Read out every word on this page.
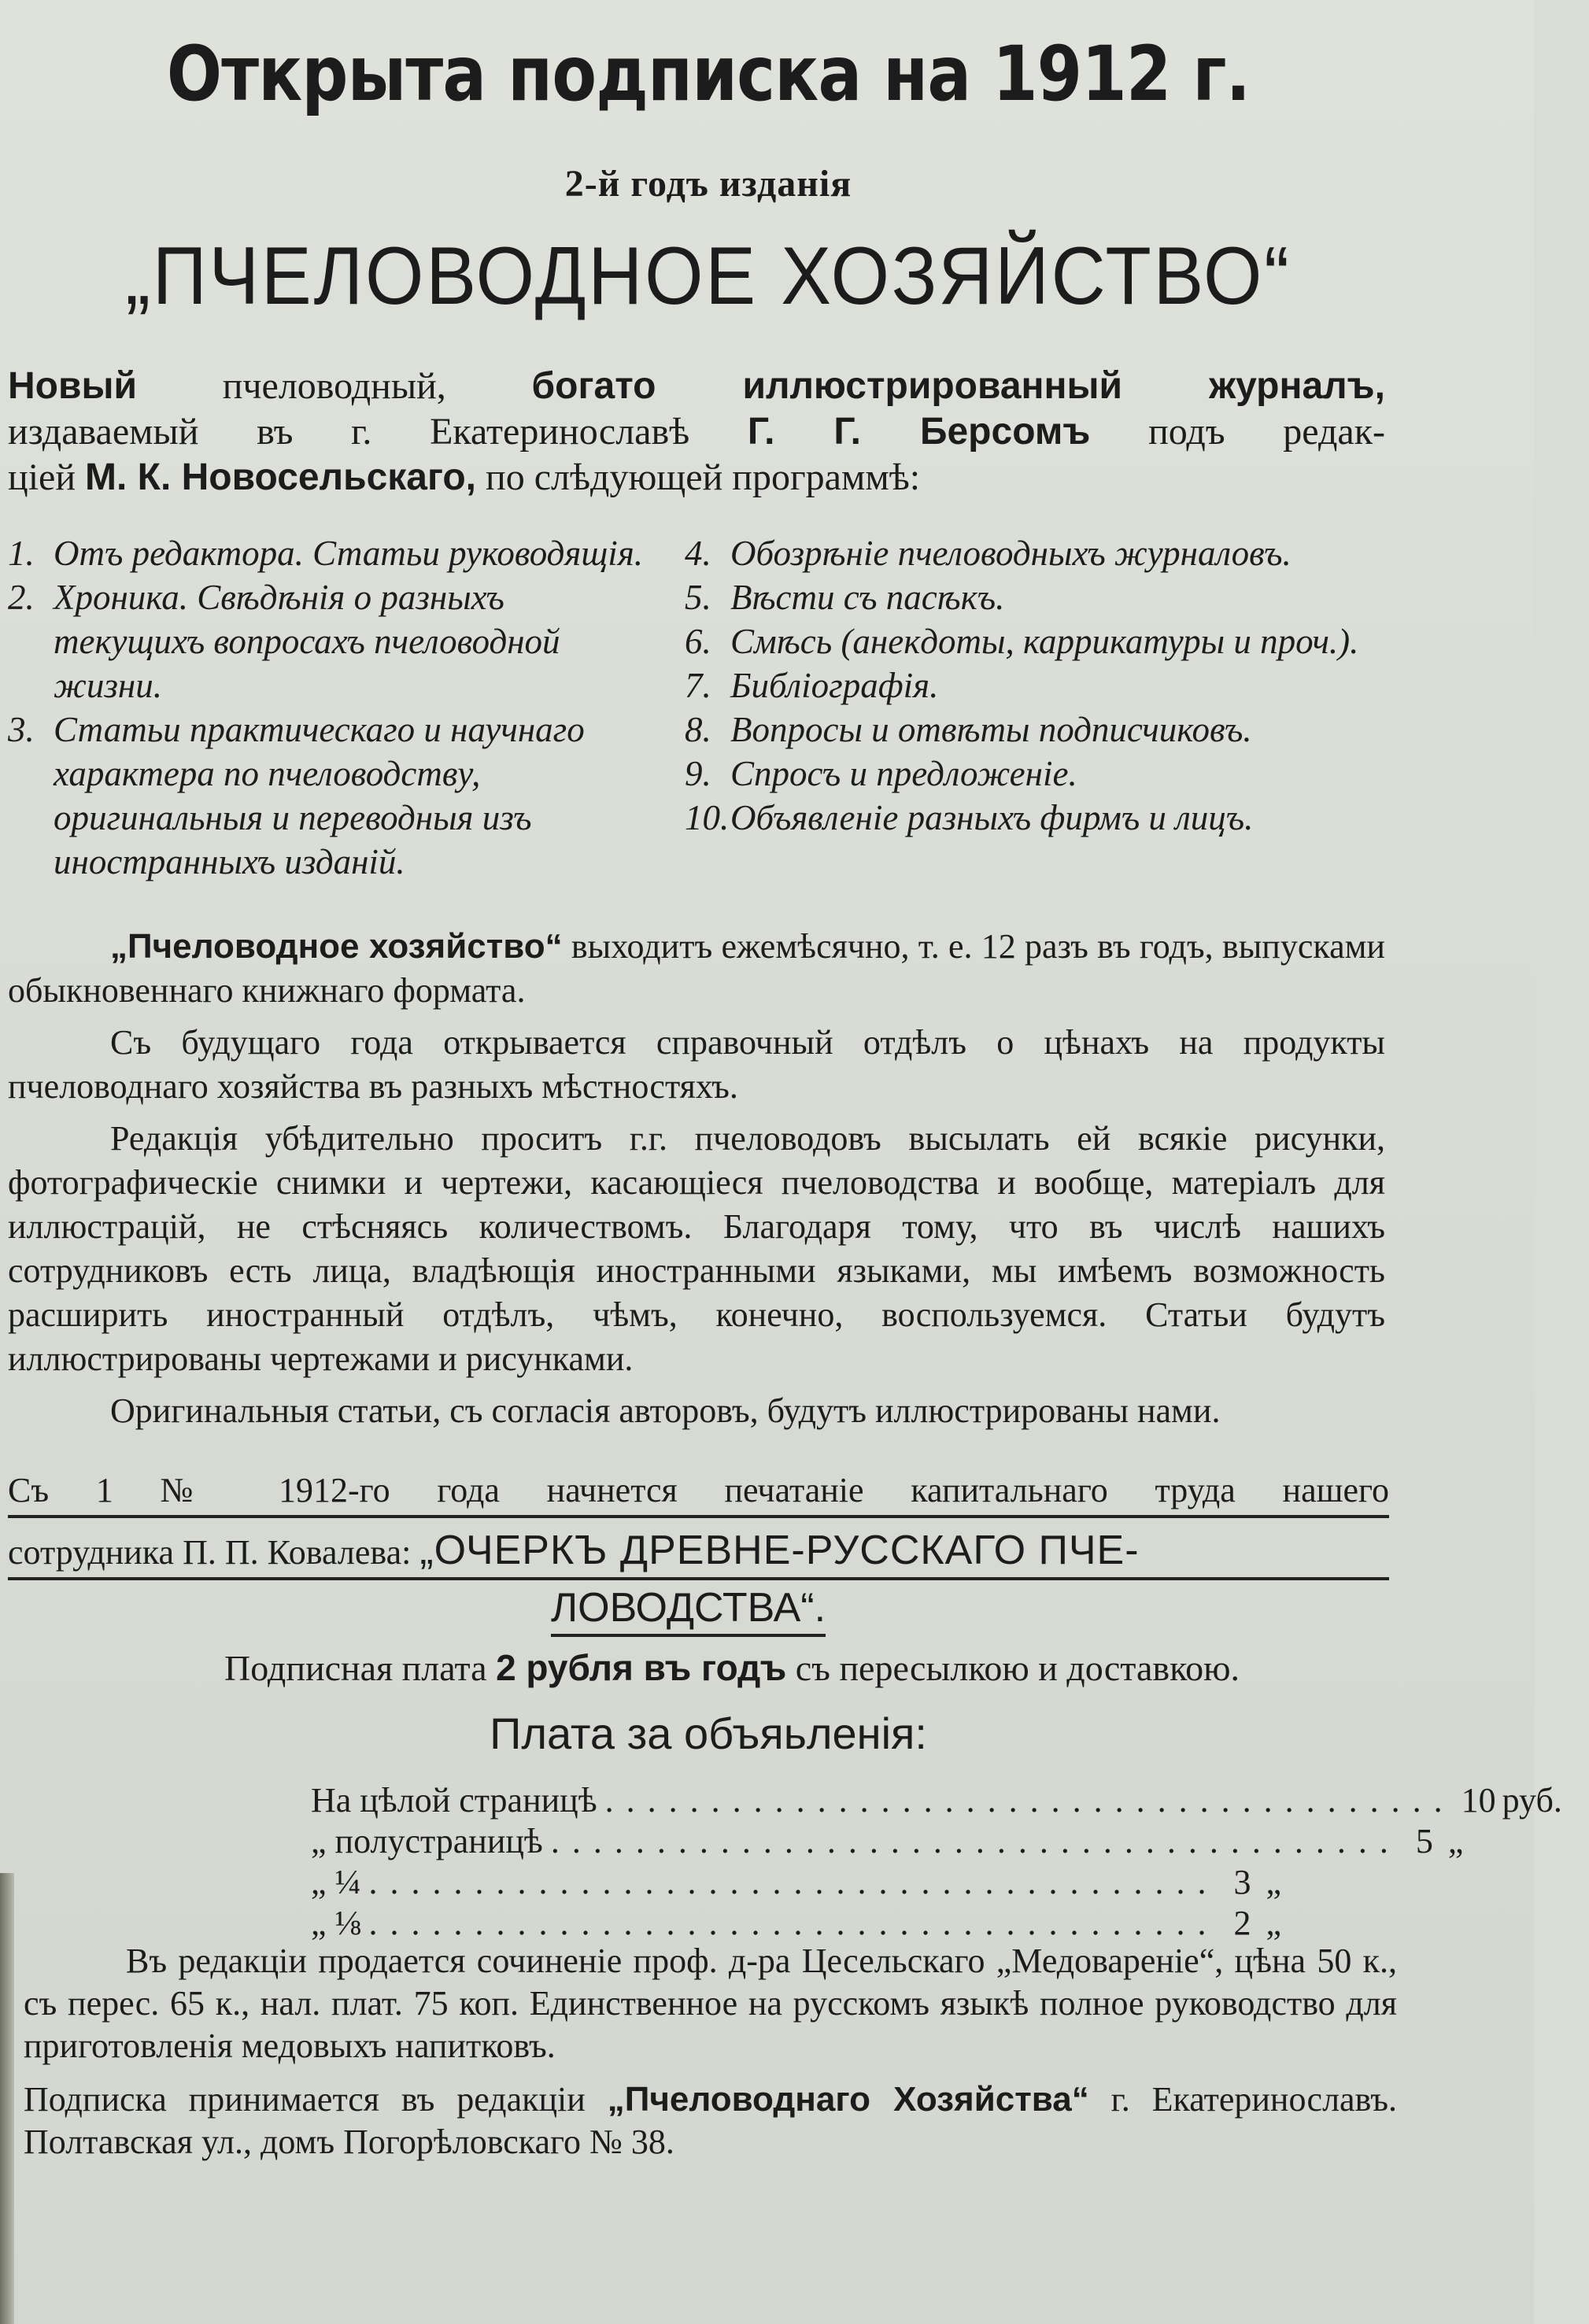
Открыта подписка на 1912 г.
2-й годъ изданія
„ПЧЕЛОВОДНОЕ ХОЗЯЙСТВО“
Новый пчеловодный, богато иллюстрированный журналъ,
издаваемый въ г. Екатеринославѣ Г. Г. Берсомъ подъ редак-
ціей М. К. Новосельскаго, по слѣдующей программѣ:
1. Отъ редактора. Статьи руководящія.
2. Хроника. Свѣдѣнія о разныхъ текущихъ вопросахъ пчеловодной жизни.
3. Статьи практическаго и научнаго характера по пчеловодству, оригинальныя и переводныя изъ иностранныхъ изданій.
4. Обозрѣніе пчеловодныхъ журналовъ.
5. Вѣсти съ пасѣкъ.
6. Смѣсь (анекдоты, каррикатуры и проч.).
7. Библіографія.
8. Вопросы и отвѣты подписчиковъ.
9. Спросъ и предложеніе.
10. Объявленіе разныхъ фирмъ и лицъ.

„Пчеловодное хозяйство“ выходитъ ежемѣсячно, т. е. 12 разъ въ годъ, выпусками обыкновеннаго книжнаго формата.

Съ будущаго года открывается справочный отдѣлъ о цѣнахъ на продукты пчеловоднаго хозяйства въ разныхъ мѣстностяхъ.

Редакція убѣдительно проситъ г.г. пчеловодовъ высылать ей всякіе рисунки, фотографическіе снимки и чертежи, касающіеся пчеловодства и вообще, матеріалъ для иллюстрацій, не стѣсняясь количествомъ. Благодаря тому, что въ числѣ нашихъ сотрудниковъ есть лица, владѣющія иностранными языками, мы имѣемъ возможность расширить иностранный отдѣлъ, чѣмъ, конечно, воспользуемся. Статьи будутъ иллюстрированы чертежами и рисунками.

Оригинальныя статьи, съ согласія авторовъ, будутъ иллюстрированы нами.

Съ 1 № 1912-го года начнется печатаніе капитальнаго труда нашего
сотрудника П. П. Ковалева: „ОЧЕРКЪ ДРЕВНЕ-РУССКАГО ПЧЕ-
ЛОВОДСТВА“.
Подписная плата 2 рубля въ годъ съ пересылкою и доставкою.
Плата за объяьленія:
На цѣлой страницѣ ........................................ 10 руб.
„ полустраницѣ ........................................ 5 „
„ ¼ ........................................ 3 „
„ ⅛ ........................................ 2 „

Въ редакціи продается сочиненіе проф. д-ра Цесельскаго „Медовареніе“, цѣна 50 к., съ перес. 65 к., нал. плат. 75 коп. Единственное на русскомъ языкѣ полное руководство для приготовленія медовыхъ напитковъ.

Подписка принимается въ редакціи „Пчеловоднаго Хозяйства“ г. Екатеринославъ. Полтавская ул., домъ Погорѣловскаго № 38.
